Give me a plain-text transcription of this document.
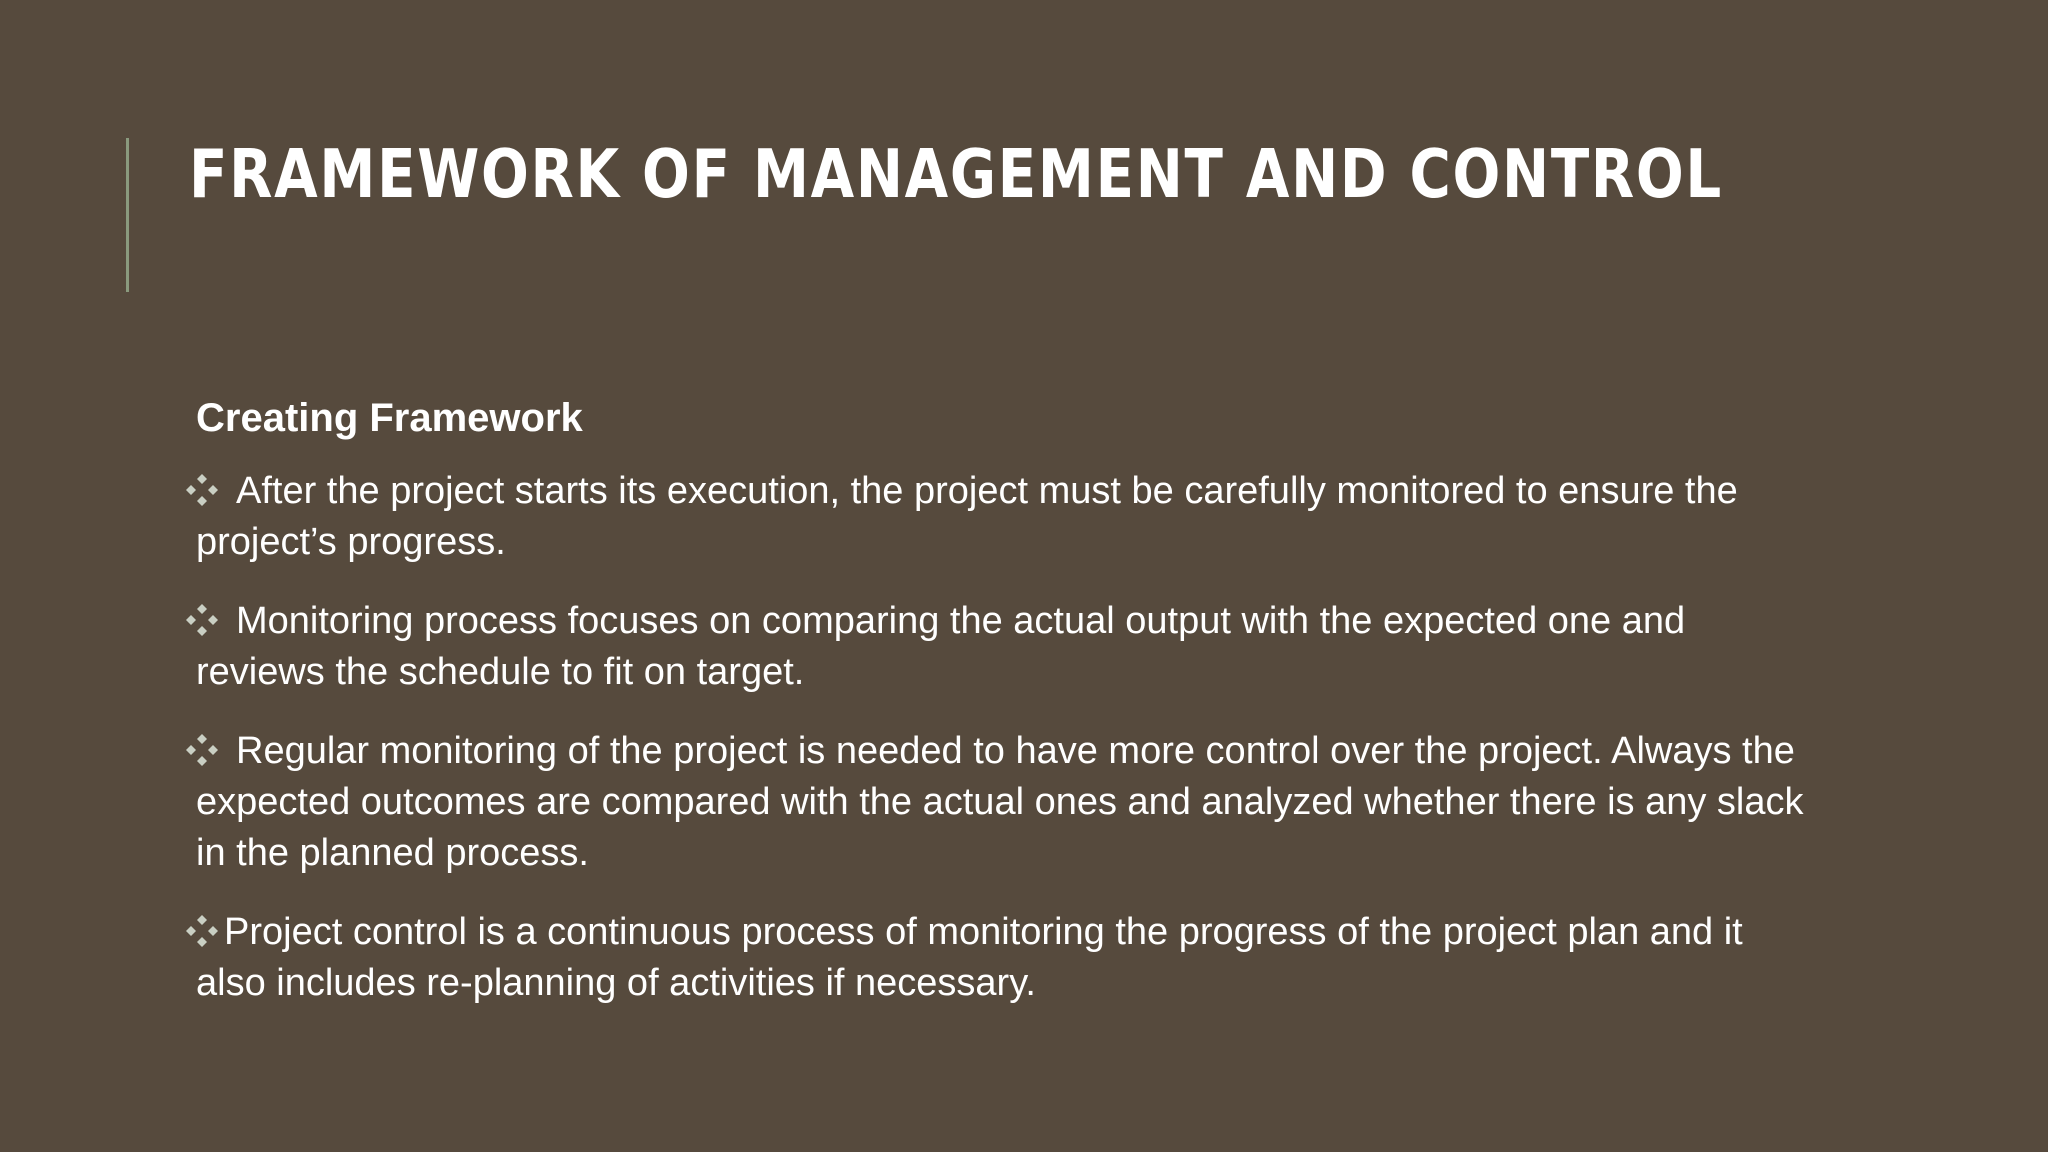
FRAMEWORK OF MANAGEMENT AND CONTROL

Creating Framework

After the project starts its execution, the project must be carefully monitored to ensure the project’s progress.

Monitoring process focuses on comparing the actual output with the expected one and reviews the schedule to fit on target.

Regular monitoring of the project is needed to have more control over the project. Always the expected outcomes are compared with the actual ones and analyzed whether there is any slack in the planned process.

Project control is a continuous process of monitoring the progress of the project plan and it also includes re-planning of activities if necessary.
